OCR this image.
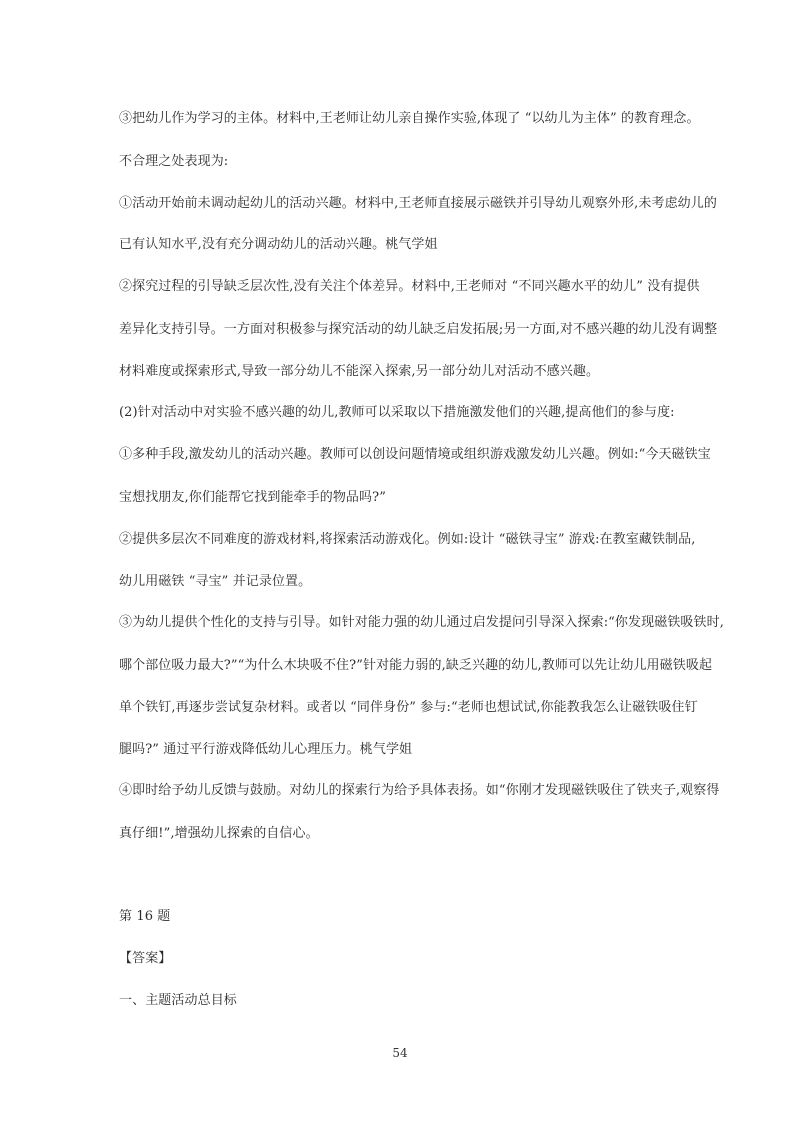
③把幼儿作为学习的主体。材料中,王老师让幼儿亲自操作实验,体现了 “以幼儿为主体” 的教育理念。
不合理之处表现为:
①活动开始前未调动起幼儿的活动兴趣。材料中,王老师直接展示磁铁并引导幼儿观察外形,未考虑幼儿的
已有认知水平,没有充分调动幼儿的活动兴趣。桃气学姐
②探究过程的引导缺乏层次性,没有关注个体差异。材料中,王老师对 “不同兴趣水平的幼儿” 没有提供
差异化支持引导。一方面对积极参与探究活动的幼儿缺乏启发拓展;另一方面,对不感兴趣的幼儿没有调整
材料难度或探索形式,导致一部分幼儿不能深入探索,另一部分幼儿对活动不感兴趣。
(2)针对活动中对实验不感兴趣的幼儿,教师可以采取以下措施激发他们的兴趣,提高他们的参与度:
①多种手段,激发幼儿的活动兴趣。教师可以创设问题情境或组织游戏激发幼儿兴趣。例如:“今天磁铁宝
宝想找朋友,你们能帮它找到能牵手的物品吗?”
②提供多层次不同难度的游戏材料,将探索活动游戏化。例如:设计 “磁铁寻宝” 游戏:在教室藏铁制品,
幼儿用磁铁 “寻宝” 并记录位置。
③为幼儿提供个性化的支持与引导。如针对能力强的幼儿通过启发提问引导深入探索:“你发现磁铁吸铁时,
哪个部位吸力最大?”“为什么木块吸不住?”针对能力弱的,缺乏兴趣的幼儿,教师可以先让幼儿用磁铁吸起
单个铁钉,再逐步尝试复杂材料。或者以 “同伴身份” 参与:“老师也想试试,你能教我怎么让磁铁吸住钉
腿吗?” 通过平行游戏降低幼儿心理压力。桃气学姐
④即时给予幼儿反馈与鼓励。对幼儿的探索行为给予具体表扬。如“你刚才发现磁铁吸住了铁夹子,观察得
真仔细!”,增强幼儿探索的自信心。
第 16 题
【答案】
一、主题活动总目标
54
